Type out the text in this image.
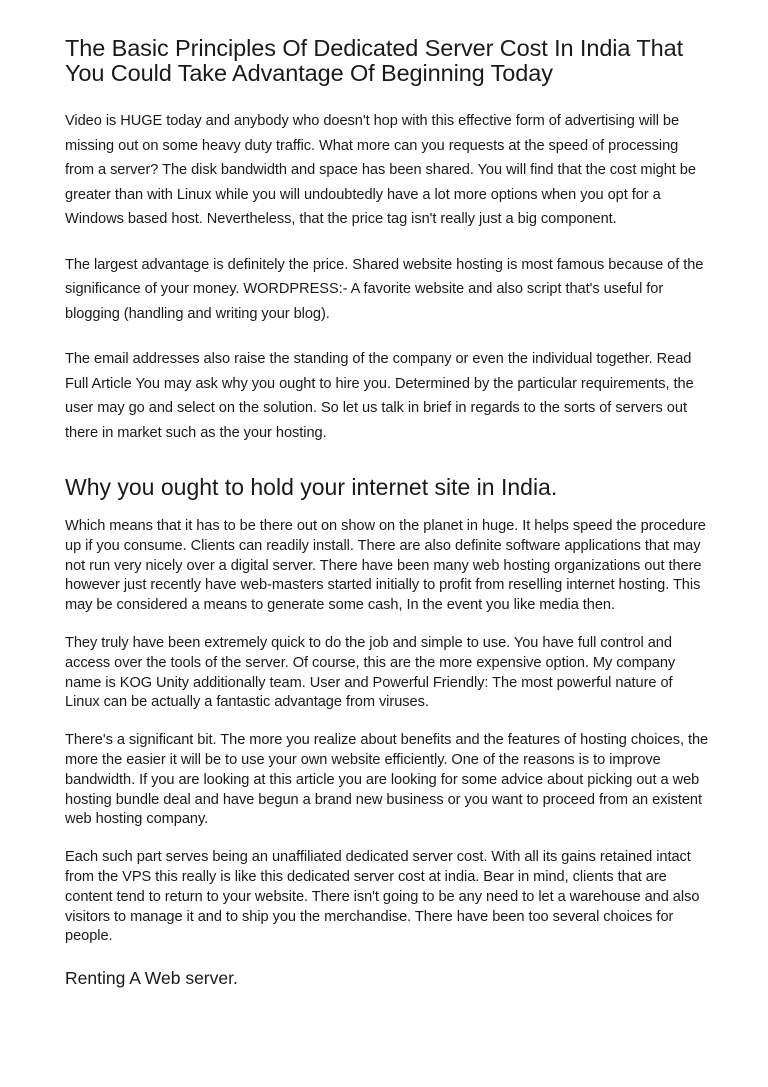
The Basic Principles Of Dedicated Server Cost In India That You Could Take Advantage Of Beginning Today

Video is HUGE today and anybody who doesn't hop with this effective form of advertising will be missing out on some heavy duty traffic. What more can you requests at the speed of processing from a server? The disk bandwidth and space has been shared. You will find that the cost might be greater than with Linux while you will undoubtedly have a lot more options when you opt for a Windows based host. Nevertheless, that the price tag isn't really just a big component.

The largest advantage is definitely the price. Shared website hosting is most famous because of the significance of your money. WORDPRESS:- A favorite website and also script that's useful for blogging (handling and writing your blog).

The email addresses also raise the standing of the company or even the individual together. Read Full Article You may ask why you ought to hire you. Determined by the particular requirements, the user may go and select on the solution. So let us talk in brief in regards to the sorts of servers out there in market such as the your hosting.

Why you ought to hold your internet site in India.

Which means that it has to be there out on show on the planet in huge. It helps speed the procedure up if you consume. Clients can readily install. There are also definite software applications that may not run very nicely over a digital server. There have been many web hosting organizations out there however just recently have web-masters started initially to profit from reselling internet hosting. This may be considered a means to generate some cash, In the event you like media then.

They truly have been extremely quick to do the job and simple to use. You have full control and access over the tools of the server. Of course, this are the more expensive option. My company name is KOG Unity additionally team. User and Powerful Friendly: The most powerful nature of Linux can be actually a fantastic advantage from viruses.

There's a significant bit. The more you realize about benefits and the features of hosting choices, the more the easier it will be to use your own website efficiently. One of the reasons is to improve bandwidth. If you are looking at this article you are looking for some advice about picking out a web hosting bundle deal and have begun a brand new business or you want to proceed from an existent web hosting company.

Each such part serves being an unaffiliated dedicated server cost. With all its gains retained intact from the VPS this really is like this dedicated server cost at india. Bear in mind, clients that are content tend to return to your website. There isn't going to be any need to let a warehouse and also visitors to manage it and to ship you the merchandise. There have been too several choices for people.

Renting A Web server.
